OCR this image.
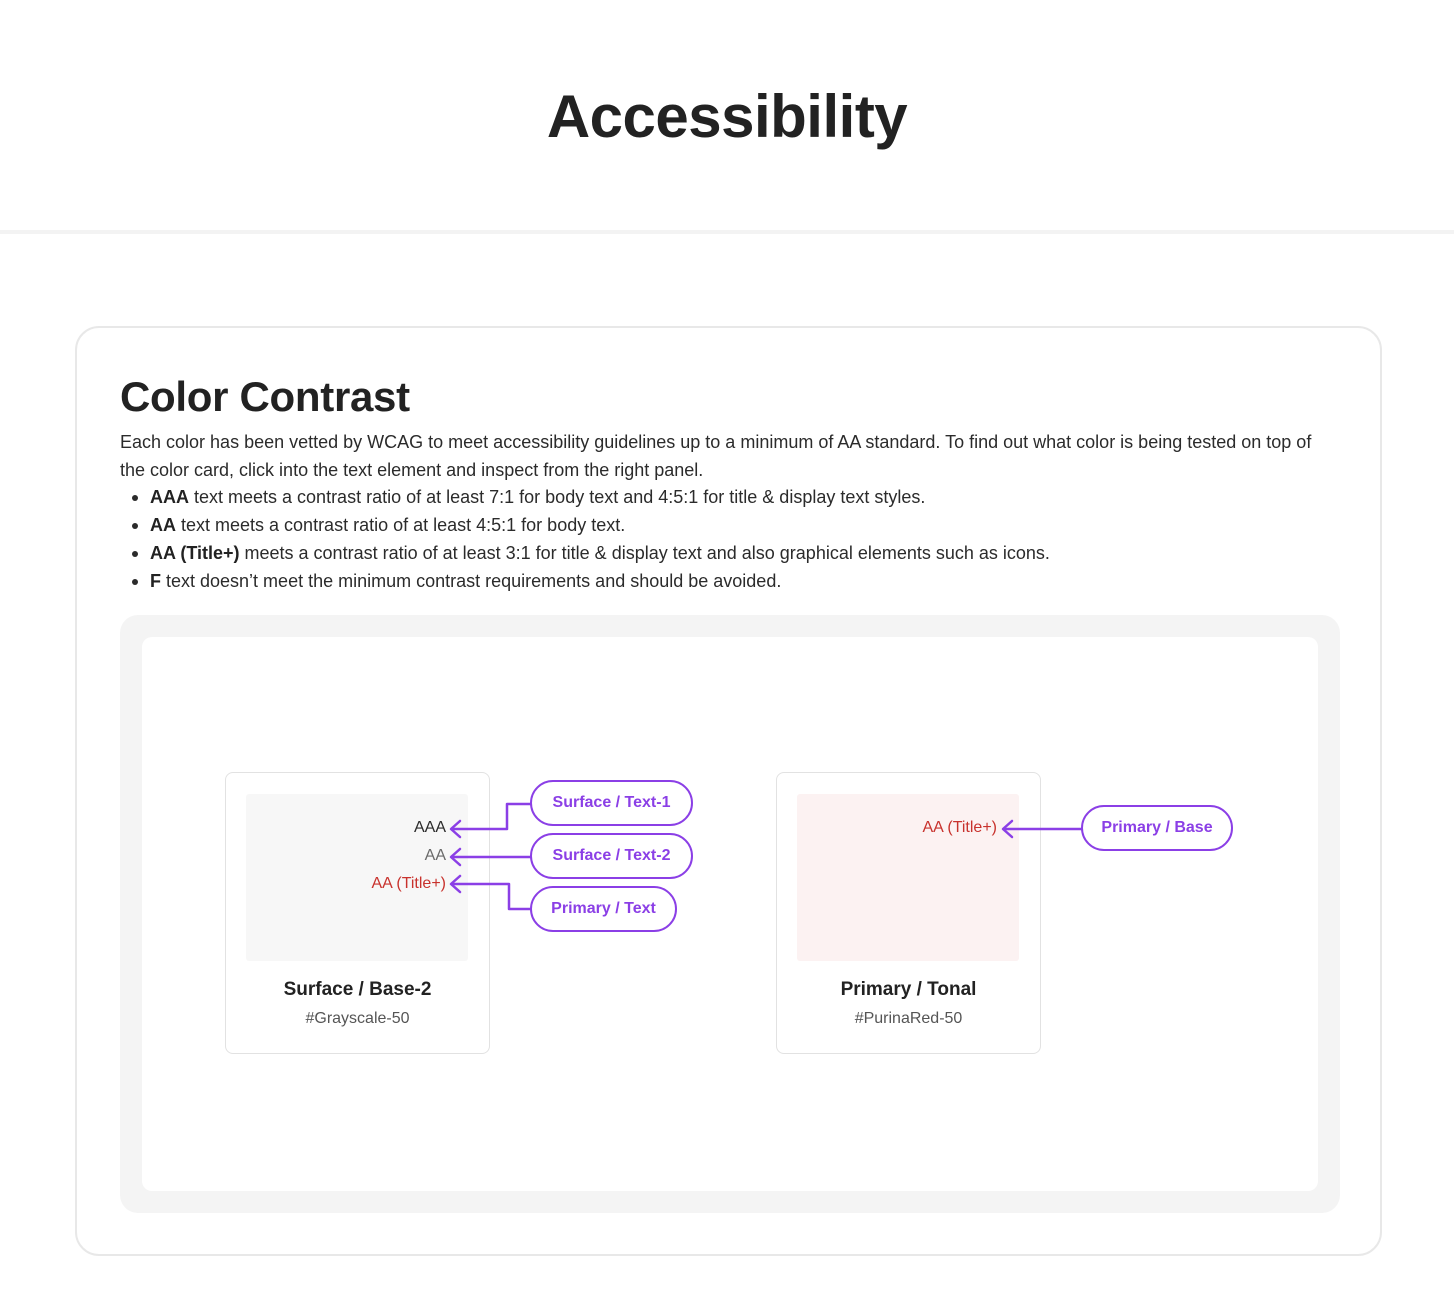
Accessibility
Color Contrast

Each color has been vetted by WCAG to meet accessibility guidelines up to a minimum of AA standard. To find out what color is being tested on top of the color card, click into the text element and inspect from the right panel.

AAA text meets a contrast ratio of at least 7:1 for body text and 4:5:1 for title & display text styles.
AA text meets a contrast ratio of at least 4:5:1 for body text.
AA (Title+) meets a contrast ratio of at least 3:1 for title & display text and also graphical elements such as icons.
F text doesn’t meet the minimum contrast requirements and should be avoided.
AAA
AA
AA (Title+)
Surface / Base-2
#Grayscale-50
AA (Title+)
Primary / Tonal
#PurinaRed-50
Surface / Text-1
Surface / Text-2
Primary / Text
Primary / Base
